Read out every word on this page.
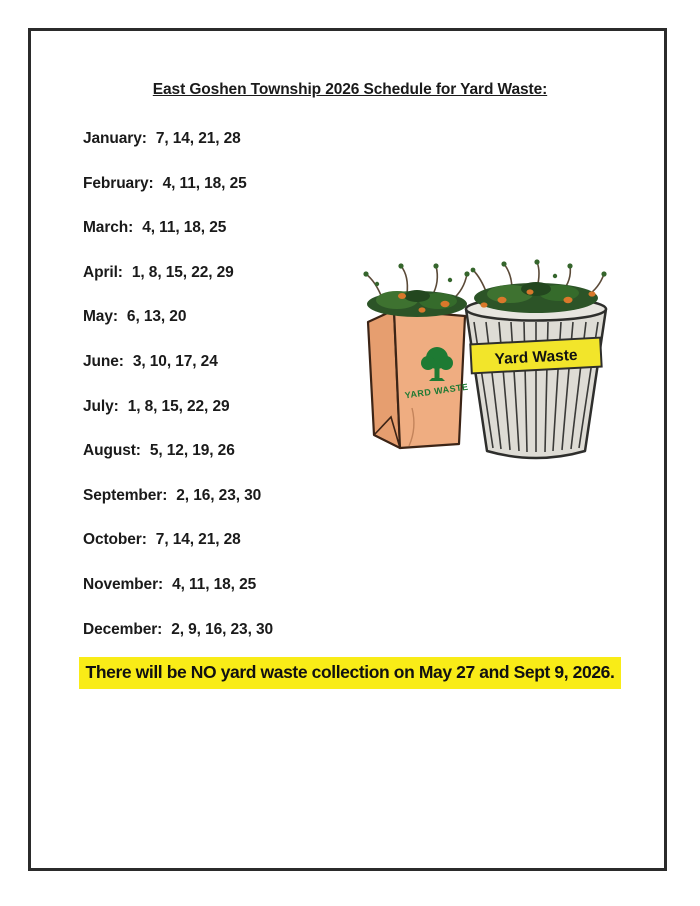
East Goshen Township 2026 Schedule for Yard Waste:
January: 7, 14, 21, 28
February: 4, 11, 18, 25
March: 4, 11, 18, 25
April: 1, 8, 15, 22, 29
May: 6, 13, 20
June: 3, 10, 17, 24
July: 1, 8, 15, 22, 29
August: 5, 12, 19, 26
September: 2, 16, 23, 30
October: 7, 14, 21, 28
November: 4, 11, 18, 25
December: 2, 9, 16, 23, 30
Yard Waste
YARD WASTE
There will be NO yard waste collection on May 27 and Sept 9, 2026.
